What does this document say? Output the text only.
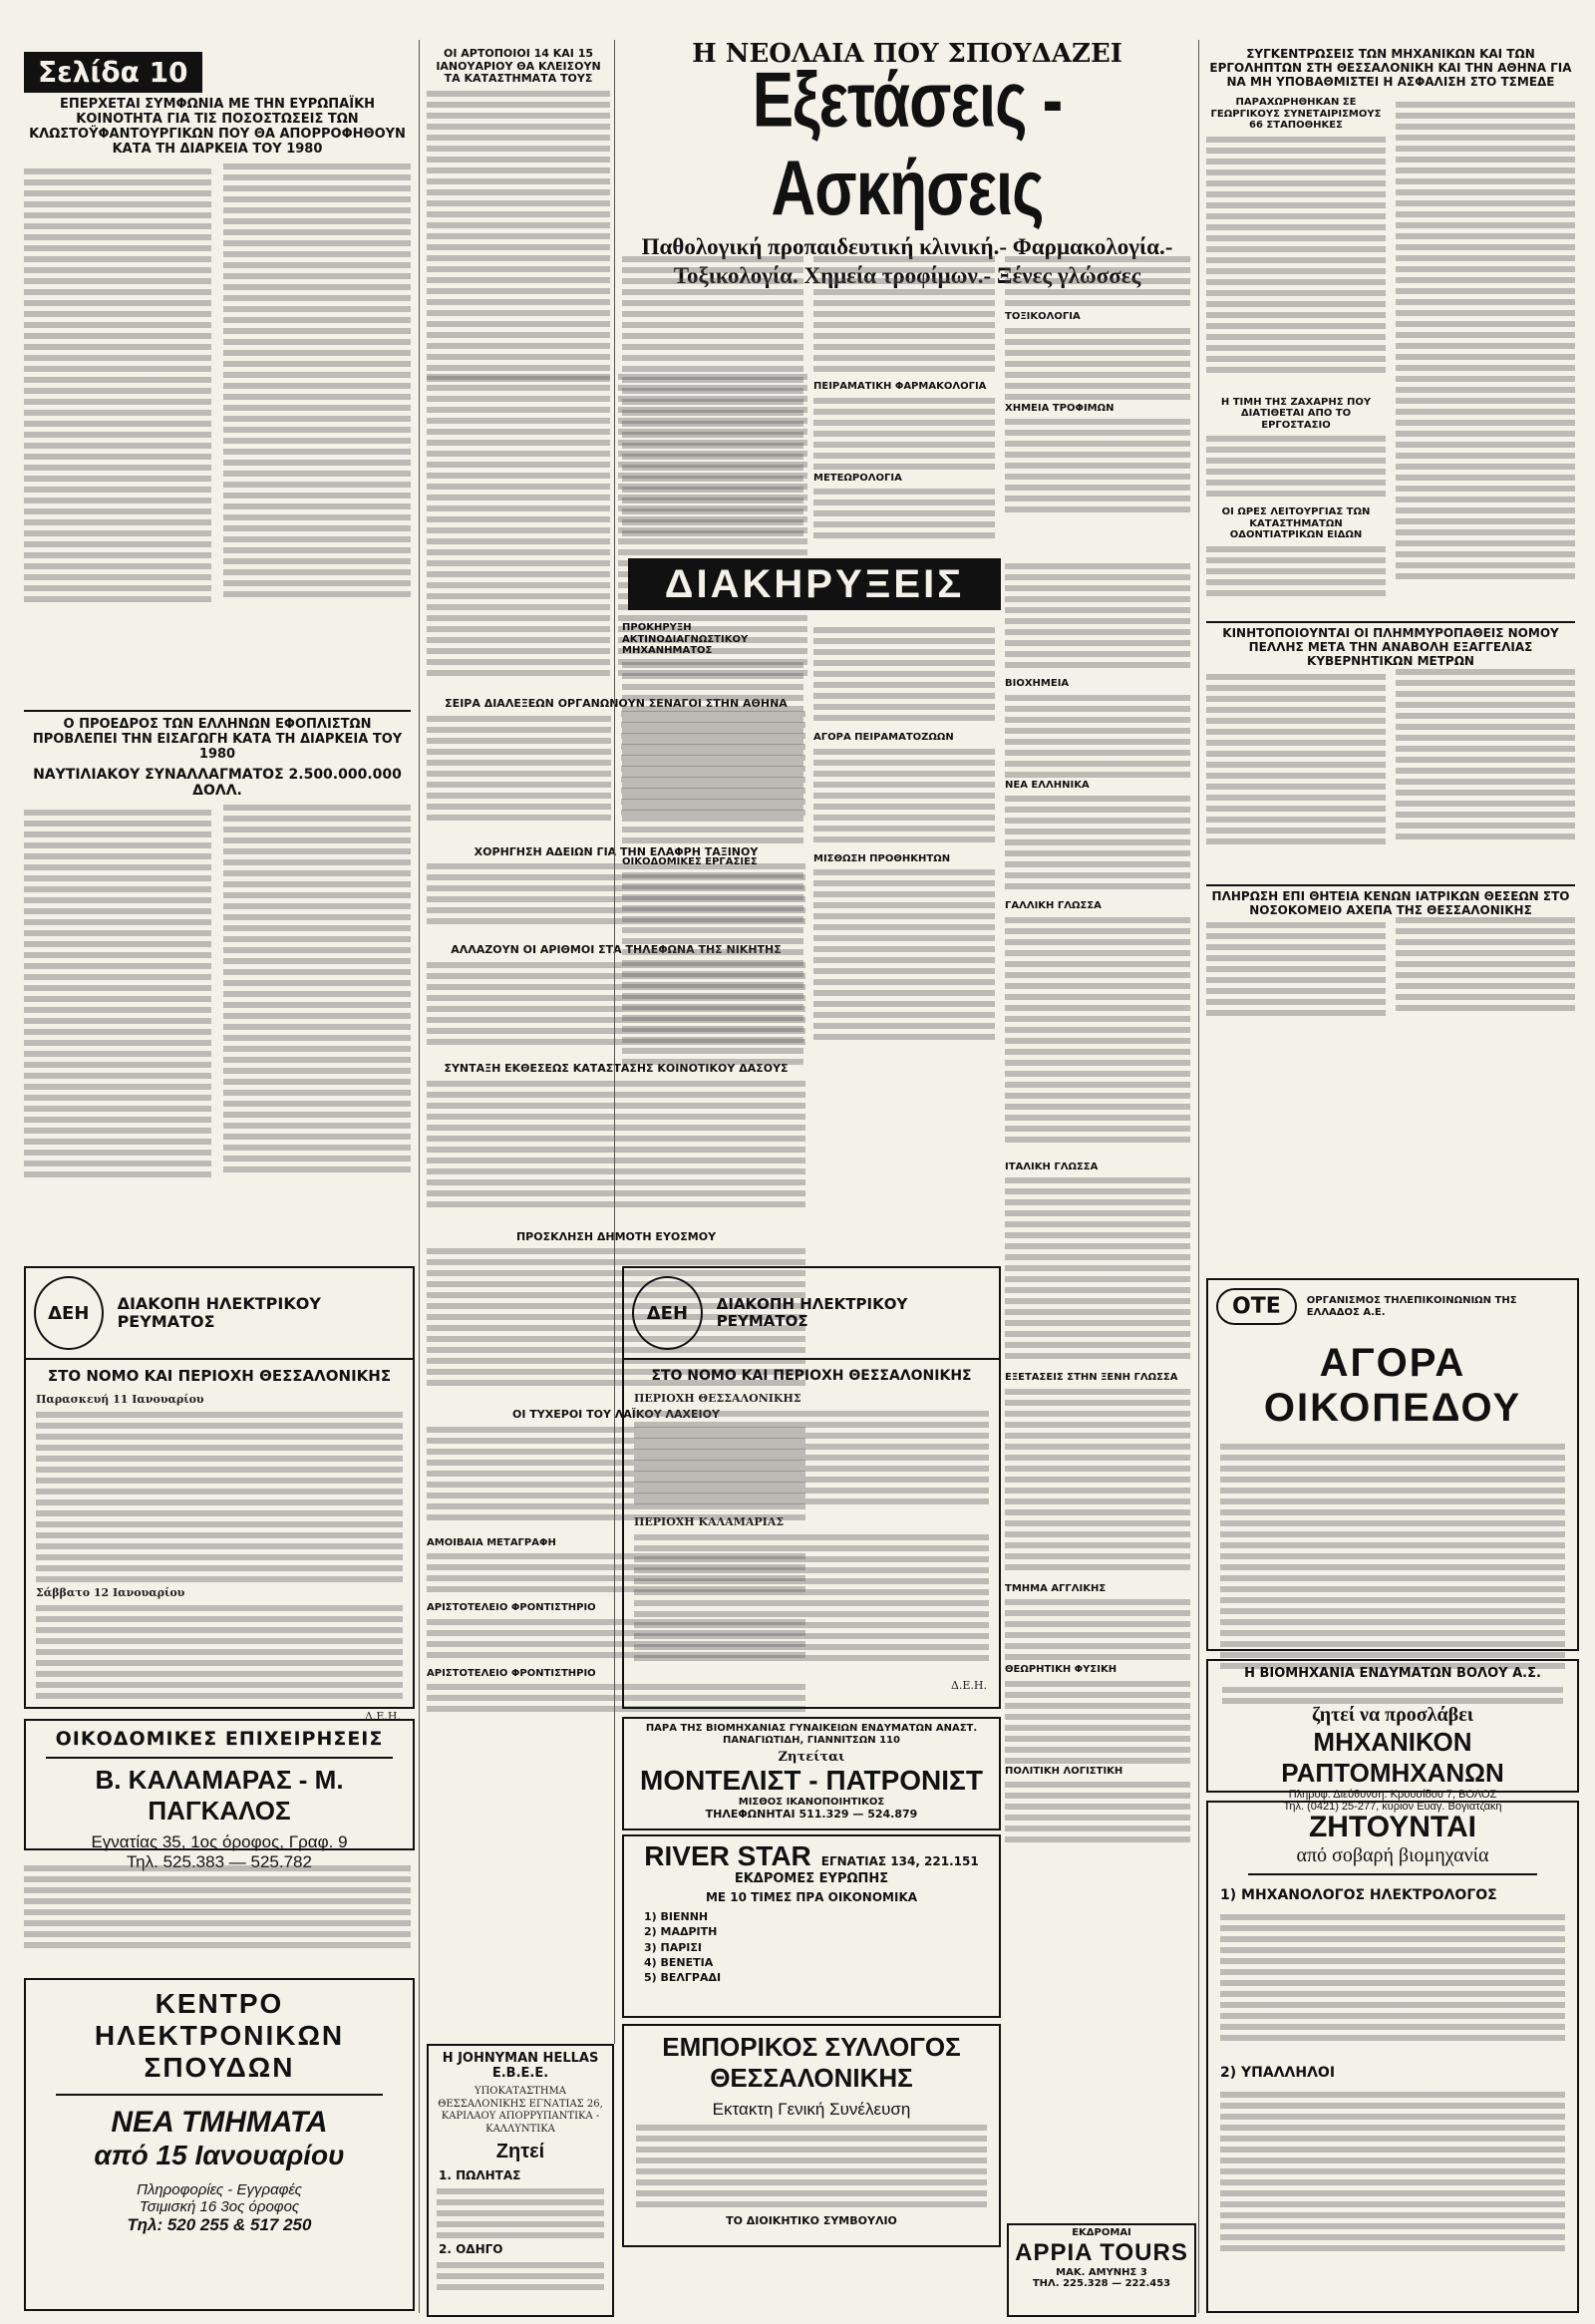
Σελίδα 10
ΕΠΕΡΧΕΤΑΙ ΣΥΜΦΩΝΙΑ ΜΕ ΤΗΝ ΕΥΡΩΠΑΪΚΗ ΚΟΙΝΟΤΗΤΑ ΓΙΑ ΤΙΣ ΠΟΣΟΣΤΩΣΕΙΣ ΤΩΝ ΚΛΩΣΤΟΫΦΑΝΤΟΥΡΓΙΚΩΝ ΠΟΥ ΘΑ ΑΠΟΡΡΟΦΗΘΟΥΝ ΚΑΤΑ ΤΗ ΔΙΑΡΚΕΙΑ ΤΟΥ 1980
Ο ΠΡΟΕΔΡΟΣ ΤΩΝ ΕΛΛΗΝΩΝ ΕΦΟΠΛΙΣΤΩΝ ΠΡΟΒΛΕΠΕΙ ΤΗΝ ΕΙΣΑΓΩΓΗ ΚΑΤΑ ΤΗ ΔΙΑΡΚΕΙΑ ΤΟΥ 1980
ΝΑΥΤΙΛΙΑΚΟΥ ΣΥΝΑΛΛΑΓΜΑΤΟΣ 2.500.000.000 ΔΟΛΛ.
ΔΕΗ	ΔΙΑΚΟΠΗ ΗΛΕΚΤΡΙΚΟΥ ΡΕΥΜΑΤΟΣ
ΣΤΟ ΝΟΜΟ ΚΑΙ ΠΕΡΙΟΧΗ ΘΕΣΣΑΛΟΝΙΚΗΣ
Παρασκευή 11 Ιανουαρίου
Σάββατο 12 Ιανουαρίου
Δ.Ε.Η.
ΟΙΚΟΔΟΜΙΚΕΣ ΕΠΙΧΕΙΡΗΣΕΙΣ
Β. ΚΑΛΑΜΑΡΑΣ - Μ. ΠΑΓΚΑΛΟΣ
Εγνατίας 35, 1ος όροφος, Γραφ. 9
Τηλ. 525.383 — 525.782
ΚΕΝΤΡΟ
ΗΛΕΚΤΡΟΝΙΚΩΝ
ΣΠΟΥΔΩΝ
ΝΕΑ ΤΜΗΜΑΤΑ
από 15 Ιανουαρίου
Πληροφορίες - Εγγραφές
Τσιμισκή 16 3ος όροφος
Τηλ: 520 255 & 517 250
ΟΙ ΑΡΤΟΠΟΙΟΙ 14 ΚΑΙ 15 ΙΑΝΟΥΑΡΙΟΥ ΘΑ ΚΛΕΙΣΟΥΝ ΤΑ ΚΑΤΑΣΤΗΜΑΤΑ ΤΟΥΣ
ΣΕΙΡΑ ΔΙΑΛΕΞΕΩΝ ΟΡΓΑΝΩΝΟΥΝ ΣΕΝΑΓΟΙ ΣΤΗΝ ΑΘΗΝΑ
ΧΟΡΗΓΗΣΗ ΑΔΕΙΩΝ ΓΙΑ ΤΗΝ ΕΛΑΦΡΗ ΤΑΞΙΝΟΥ
ΑΛΛΑΖΟΥΝ ΟΙ ΑΡΙΘΜΟΙ ΣΤΑ ΤΗΛΕΦΩΝΑ ΤΗΣ ΝΙΚΗΤΗΣ
ΣΥΝΤΑΞΗ ΕΚΘΕΣΕΩΣ ΚΑΤΑΣΤΑΣΗΣ ΚΟΙΝΟΤΙΚΟΥ ΔΑΣΟΥΣ
ΠΡΟΣΚΛΗΣΗ ΔΗΜΟΤΗ ΕΥΟΣΜΟΥ
ΟΙ ΤΥΧΕΡΟΙ ΤΟΥ ΛΑΪΚΟΥ ΛΑΧΕΙΟΥ
ΑΜΟΙΒΑΙΑ ΜΕΤΑΓΡΑΦΗ
ΑΡΙΣΤΟΤΕΛΕΙΟ ΦΡΟΝΤΙΣΤΗΡΙΟ
ΑΡΙΣΤΟΤΕΛΕΙΟ ΦΡΟΝΤΙΣΤΗΡΙΟ
Η JOHNYMAN HELLAS E.B.E.E.
ΥΠΟΚΑΤΑΣΤΗΜΑ ΘΕΣΣΑΛΟΝΙΚΗΣ ΕΓΝΑΤΙΑΣ 26, ΚΑΡΙΛΑΟΥ ΑΠΟΡΡΥΠΑΝΤΙΚΑ - ΚΑΛΛΥΝΤΙΚΑ
Ζητεί
1. ΠΩΛΗΤΑΣ
2. ΟΔΗΓΟ
Η ΝΕΟΛΑΙΑ ΠΟΥ ΣΠΟΥΔΑΖΕΙ
Εξετάσεις - Ασκήσεις
Παθολογική προπαιδευτική κλινική.- Φαρμακολογία.- Τοξικολογία. Χημεία τροφίμων.- Ξένες γλώσσες
ΠΕΙΡΑΜΑΤΙΚΗ ΦΑΡΜΑΚΟΛΟΓΙΑ
ΜΕΤΕΩΡΟΛΟΓΙΑ
ΤΟΞΙΚΟΛΟΓΙΑ
ΧΗΜΕΙΑ ΤΡΟΦΙΜΩΝ
ΔΙΑΚΗΡΥΞΕΙΣ
ΠΡΟΚΗΡΥΞΗ ΑΚΤΙΝΟΔΙΑΓΝΩΣΤΙΚΟΥ ΜΗΧΑΝΗΜΑΤΟΣ
ΟΙΚΟΔΟΜΙΚΕΣ ΕΡΓΑΣΙΕΣ
ΑΓΟΡΑ ΠΕΙΡΑΜΑΤΟΖΩΩΝ
ΜΙΣΘΩΣΗ ΠΡΟΘΗΚΗΤΩΝ
ΒΙΟΧΗΜΕΙΑ
ΝΕΑ ΕΛΛΗΝΙΚΑ
ΓΑΛΛΙΚΗ ΓΛΩΣΣΑ
ΙΤΑΛΙΚΗ ΓΛΩΣΣΑ
ΕΞΕΤΑΣΕΙΣ ΣΤΗΝ ΞΕΝΗ ΓΛΩΣΣΑ
ΤΜΗΜΑ ΑΓΓΛΙΚΗΣ
ΘΕΩΡΗΤΙΚΗ ΦΥΣΙΚΗ
ΠΟΛΙΤΙΚΗ ΛΟΓΙΣΤΙΚΗ
ΔΕΗ	ΔΙΑΚΟΠΗ ΗΛΕΚΤΡΙΚΟΥ ΡΕΥΜΑΤΟΣ
ΣΤΟ ΝΟΜΟ ΚΑΙ ΠΕΡΙΟΧΗ ΘΕΣΣΑΛΟΝΙΚΗΣ
ΠΕΡΙΟΧΗ ΘΕΣΣΑΛΟΝΙΚΗΣ
ΠΕΡΙΟΧΗ ΚΑΛΑΜΑΡΙΑΣ
Δ.Ε.Η.
ΠΑΡΑ ΤΗΣ ΒΙΟΜΗΧΑΝΙΑΣ ΓΥΝΑΙΚΕΙΩΝ ΕΝΔΥΜΑΤΩΝ ΑΝΑΣΤ. ΠΑΝΑΓΙΩΤΙΔΗ, ΓΙΑΝΝΙΤΣΩΝ 110
Ζητείται
ΜΟΝΤΕΛΙΣΤ - ΠΑΤΡΟΝΙΣΤ
ΜΙΣΘΟΣ ΙΚΑΝΟΠΟΙΗΤΙΚΟΣ
ΤΗΛΕΦΩΝΗΤΑΙ 511.329 — 524.879
RIVER STAR ΕΓΝΑΤΙΑΣ 134, 221.151
ΕΚΔΡΟΜΕΣ ΕΥΡΩΠΗΣ
ΜΕ 10 ΤΙΜΕΣ ΠΡΑ ΟΙΚΟΝΟΜΙΚΑ
1) ΒΙΕΝΝΗ
2) ΜΑΔΡΙΤΗ
3) ΠΑΡΙΣΙ
4) ΒΕΝΕΤΙΑ
5) ΒΕΛΓΡΑΔΙ
ΕΜΠΟΡΙΚΟΣ ΣΥΛΛΟΓΟΣ ΘΕΣΣΑΛΟΝΙΚΗΣ
Εκτακτη Γενική Συνέλευση
ΤΟ ΔΙΟΙΚΗΤΙΚΟ ΣΥΜΒΟΥΛΙΟ
ΕΚΔΡΟΜΑΙ
APPIA TOURS
ΜΑΚ. ΑΜΥΝΗΣ 3
ΤΗΛ. 225.328 — 222.453
ΣΥΓΚΕΝΤΡΩΣΕΙΣ ΤΩΝ ΜΗΧΑΝΙΚΩΝ ΚΑΙ ΤΩΝ ΕΡΓΟΛΗΠΤΩΝ ΣΤΗ ΘΕΣΣΑΛΟΝΙΚΗ ΚΑΙ ΤΗΝ ΑΘΗΝΑ ΓΙΑ ΝΑ ΜΗ ΥΠΟΒΑΘΜΙΣΤΕΙ Η ΑΣΦΑΛΙΣΗ ΣΤΟ ΤΣΜΕΔΕ
ΠΑΡΑΧΩΡΗΘΗΚΑΝ ΣΕ ΓΕΩΡΓΙΚΟΥΣ ΣΥΝΕΤΑΙΡΙΣΜΟΥΣ 66 ΣΤΑΠΟΘΗΚΕΣ
Η ΤΙΜΗ ΤΗΣ ΖΑΧΑΡΗΣ ΠΟΥ ΔΙΑΤΙΘΕΤΑΙ ΑΠΟ ΤΟ ΕΡΓΟΣΤΑΣΙΟ
ΟΙ ΩΡΕΣ ΛΕΙΤΟΥΡΓΙΑΣ ΤΩΝ ΚΑΤΑΣΤΗΜΑΤΩΝ ΟΔΟΝΤΙΑΤΡΙΚΩΝ ΕΙΔΩΝ
ΚΙΝΗΤΟΠΟΙΟΥΝΤΑΙ ΟΙ ΠΛΗΜΜΥΡΟΠΑΘΕΙΣ ΝΟΜΟΥ ΠΕΛΛΗΣ ΜΕΤΑ ΤΗΝ ΑΝΑΒΟΛΗ ΕΞΑΓΓΕΛΙΑΣ ΚΥΒΕΡΝΗΤΙΚΩΝ ΜΕΤΡΩΝ
ΠΛΗΡΩΣΗ ΕΠΙ ΘΗΤΕΙΑ ΚΕΝΩΝ ΙΑΤΡΙΚΩΝ ΘΕΣΕΩΝ ΣΤΟ ΝΟΣΟΚΟΜΕΙΟ ΑΧΕΠΑ ΤΗΣ ΘΕΣΣΑΛΟΝΙΚΗΣ
ΟΤΕ	ΟΡΓΑΝΙΣΜΟΣ ΤΗΛΕΠΙΚΟΙΝΩΝΙΩΝ ΤΗΣ ΕΛΛΑΔΟΣ Α.Ε.
ΑΓΟΡΑ ΟΙΚΟΠΕΔΟΥ
Η ΒΙΟΜΗΧΑΝΙΑ ΕΝΔΥΜΑΤΩΝ ΒΟΛΟΥ Α.Σ.
ζητεί να προσλάβει
ΜΗΧΑΝΙΚΟΝ ΡΑΠΤΟΜΗΧΑΝΩΝ
Πληροφ. Διεύθυνση: Κρουσίδου 7, ΒΟΛΟΣ
Τηλ. (0421) 25-277, κύριον Ευαγ. Βογιατζάκη
ΖΗΤΟΥΝΤΑΙ
από σοβαρή βιομηχανία
1) ΜΗΧΑΝΟΛΟΓΟΣ ΗΛΕΚΤΡΟΛΟΓΟΣ
2) ΥΠΑΛΛΗΛΟΙ
